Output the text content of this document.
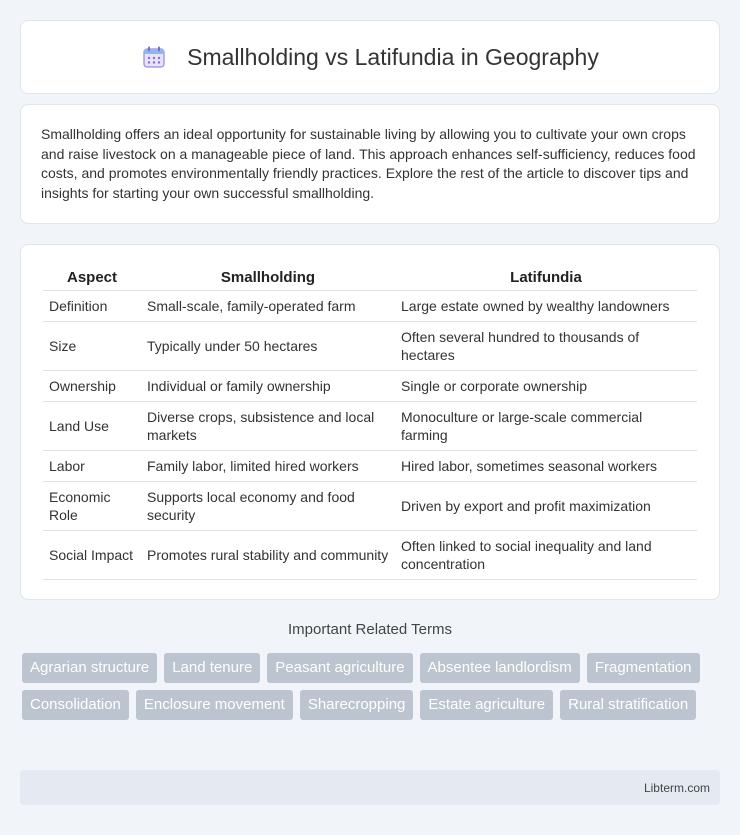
Smallholding vs Latifundia in Geography

Smallholding offers an ideal opportunity for sustainable living by allowing you to cultivate your own crops and raise livestock on a manageable piece of land. This approach enhances self-sufficiency, reduces food costs, and promotes environmentally friendly practices. Explore the rest of the article to discover tips and insights for starting your own successful smallholding.

Aspect	Smallholding	Latifundia
Definition	Small-scale, family-operated farm	Large estate owned by wealthy landowners
Size	Typically under 50 hectares	Often several hundred to thousands of hectares
Ownership	Individual or family ownership	Single or corporate ownership
Land Use	Diverse crops, subsistence and local markets	Monoculture or large-scale commercial farming
Labor	Family labor, limited hired workers	Hired labor, sometimes seasonal workers
Economic Role	Supports local economy and food security	Driven by export and profit maximization
Social Impact	Promotes rural stability and community	Often linked to social inequality and land concentration
Important Related Terms
Agrarian structure	Land tenure	Peasant agriculture	Absentee landlordism	Fragmentation
Consolidation	Enclosure movement	Sharecropping	Estate agriculture	Rural stratification
Libterm.com
